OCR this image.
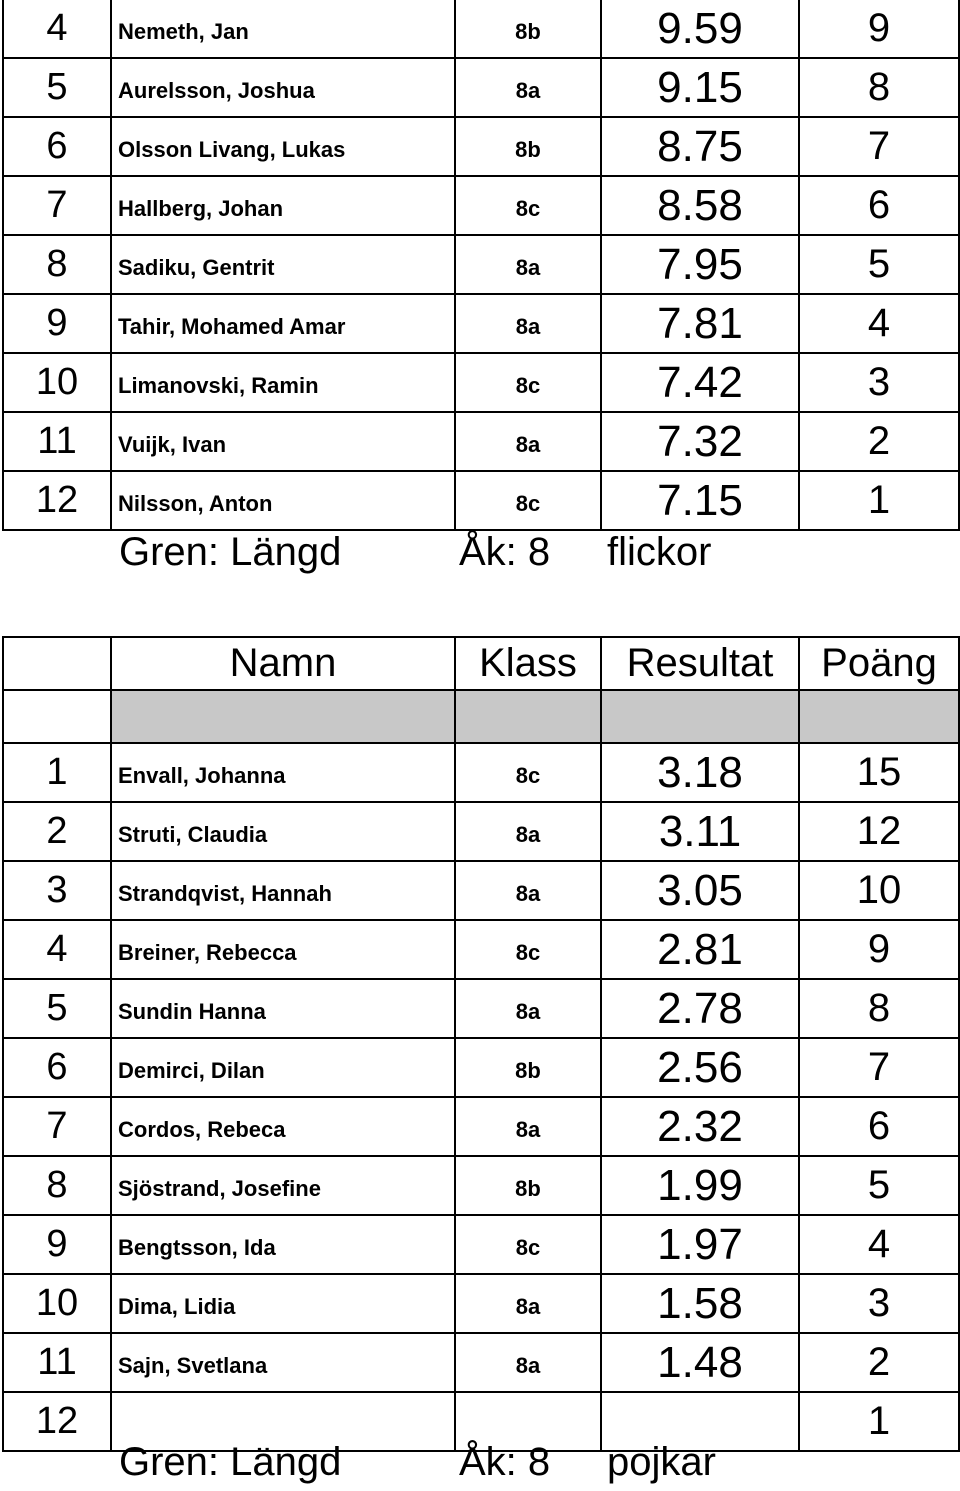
4	Nemeth, Jan	8b	9.59	9
5	Aurelsson, Joshua	8a	9.15	8
6	Olsson Livang, Lukas	8b	8.75	7
7	Hallberg, Johan	8c	8.58	6
8	Sadiku, Gentrit	8a	7.95	5
9	Tahir, Mohamed Amar	8a	7.81	4
10	Limanovski, Ramin	8c	7.42	3
11	Vuijk, Ivan	8a	7.32	2
12	Nilsson, Anton	8c	7.15	1
Gren: Längd	Åk: 8 flickor
	Namn	Klass	Resultat	Poäng

1	Envall, Johanna	8c	3.18	15
2	Struti, Claudia	8a	3.11	12
3	Strandqvist, Hannah	8a	3.05	10
4	Breiner, Rebecca	8c	2.81	9
5	Sundin Hanna	8a	2.78	8
6	Demirci, Dilan	8b	2.56	7
7	Cordos, Rebeca	8a	2.32	6
8	Sjöstrand, Josefine	8b	1.99	5
9	Bengtsson, Ida	8c	1.97	4
10	Dima, Lidia	8a	1.58	3
11	Sajn, Svetlana	8a	1.48	2
12				1
Gren: Längd	Åk: 8 pojkar
